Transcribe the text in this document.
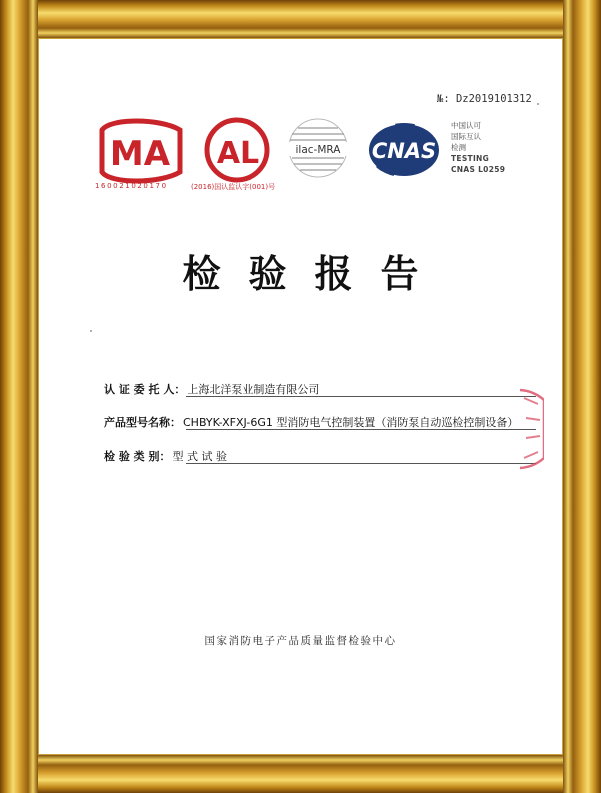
№: Dz2019101312
MA AL	ilac-MRA CNAS
160021020170	(2016)国认监认字(001)号
中国认可
国际互认
检测
TESTING
CNAS L0259
检验报告
认 证 委 托 人： 上海北洋泵业制造有限公司
产品型号名称： CHBYK-XFXJ-6G1 型消防电气控制装置（消防泵自动巡检控制设备）
检 验 类 别： 型 式 试 验
国家消防电子产品质量监督检验中心
